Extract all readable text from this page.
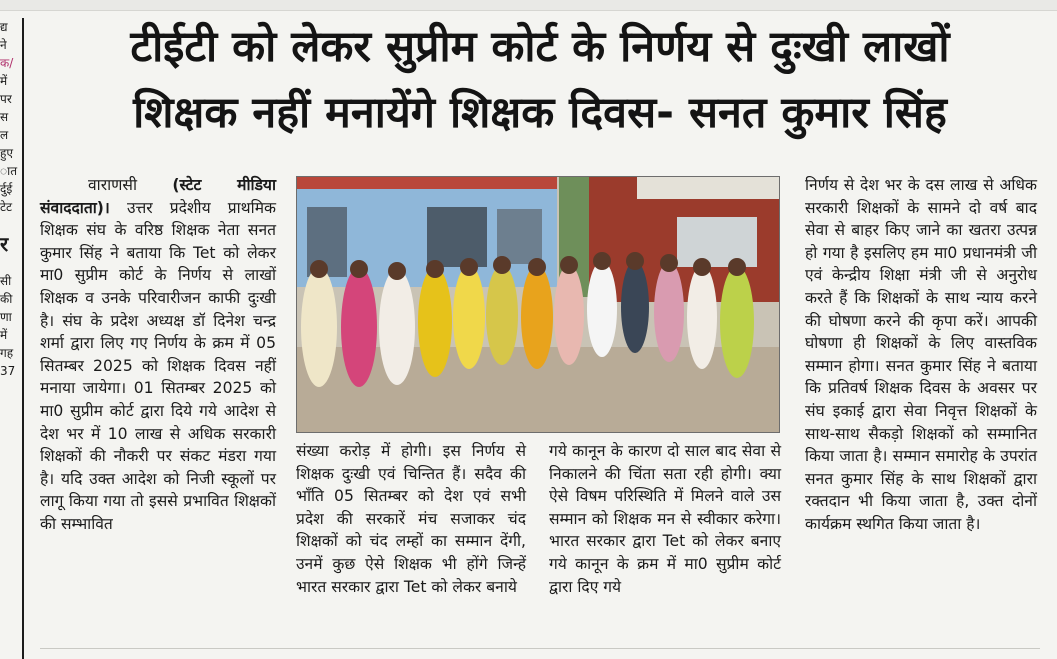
द्य
ने
क/
में
पर
स
ल
हुए
ात
र्दुई
टेट
र
सी
की
णा
में
गह
37
टीईटी को लेकर सुप्रीम कोर्ट के निर्णय से दुःखी लाखों
शिक्षक नहीं मनायेंगे शिक्षक दिवस- सनत कुमार सिंह

वाराणसी (स्टेट मीडिया संवाददाता)। उत्तर प्रदेशीय प्राथमिक शिक्षक संघ के वरिष्ठ शिक्षक नेता सनत कुमार सिंह ने बताया कि Tet को लेकर मा0 सुप्रीम कोर्ट के निर्णय से लाखों शिक्षक व उनके परिवारीजन काफी दुःखी है। संघ के प्रदेश अध्यक्ष डॉ दिनेश चन्द्र शर्मा द्वारा लिए गए निर्णय के क्रम में 05 सितम्बर 2025 को शिक्षक दिवस नहीं मनाया जायेगा। 01 सितम्बर 2025 को मा0 सुप्रीम कोर्ट द्वारा दिये गये आदेश से देश भर में 10 लाख से अधिक सरकारी शिक्षकों की नौकरी पर संकट मंडरा गया है। यदि उक्त आदेश को निजी स्कूलों पर लागू किया गया तो इससे प्रभावित शिक्षकों की सम्भावित

संख्या करोड़ में होगी। इस निर्णय से शिक्षक दुःखी एवं चिन्तित हैं। सदैव की भाँति 05 सितम्बर को देश एवं सभी प्रदेश की सरकारें मंच सजाकर चंद शिक्षकों को चंद लम्हों का सम्मान देंगी, उनमें कुछ ऐसे शिक्षक भी होंगे जिन्हें भारत सरकार द्वारा Tet को लेकर बनाये

गये कानून के कारण दो साल बाद सेवा से निकालने की चिंता सता रही होगी। क्या ऐसे विषम परिस्थिति में मिलने वाले उस सम्मान को शिक्षक मन से स्वीकार करेगा। भारत सरकार द्वारा Tet को लेकर बनाए गये कानून के क्रम में मा0 सुप्रीम कोर्ट द्वारा दिए गये

निर्णय से देश भर के दस लाख से अधिक सरकारी शिक्षकों के सामने दो वर्ष बाद सेवा से बाहर किए जाने का खतरा उत्पन्न हो गया है इसलिए हम मा0 प्रधानमंत्री जी एवं केन्द्रीय शिक्षा मंत्री जी से अनुरोध करते हैं कि शिक्षकों के साथ न्याय करने की घोषणा करने की कृपा करें। आपकी घोषणा ही शिक्षकों के लिए वास्तविक सम्मान होगा। सनत कुमार सिंह ने बताया कि प्रतिवर्ष शिक्षक दिवस के अवसर पर संघ इकाई द्वारा सेवा निवृत्त शिक्षकों के साथ-साथ सैकड़ो शिक्षकों को सम्मानित किया जाता है। सम्मान समारोह के उपरांत सनत कुमार सिंह के साथ शिक्षकों द्वारा रक्तदान भी किया जाता है, उक्त दोनों कार्यक्रम स्थगित किया जाता है।
